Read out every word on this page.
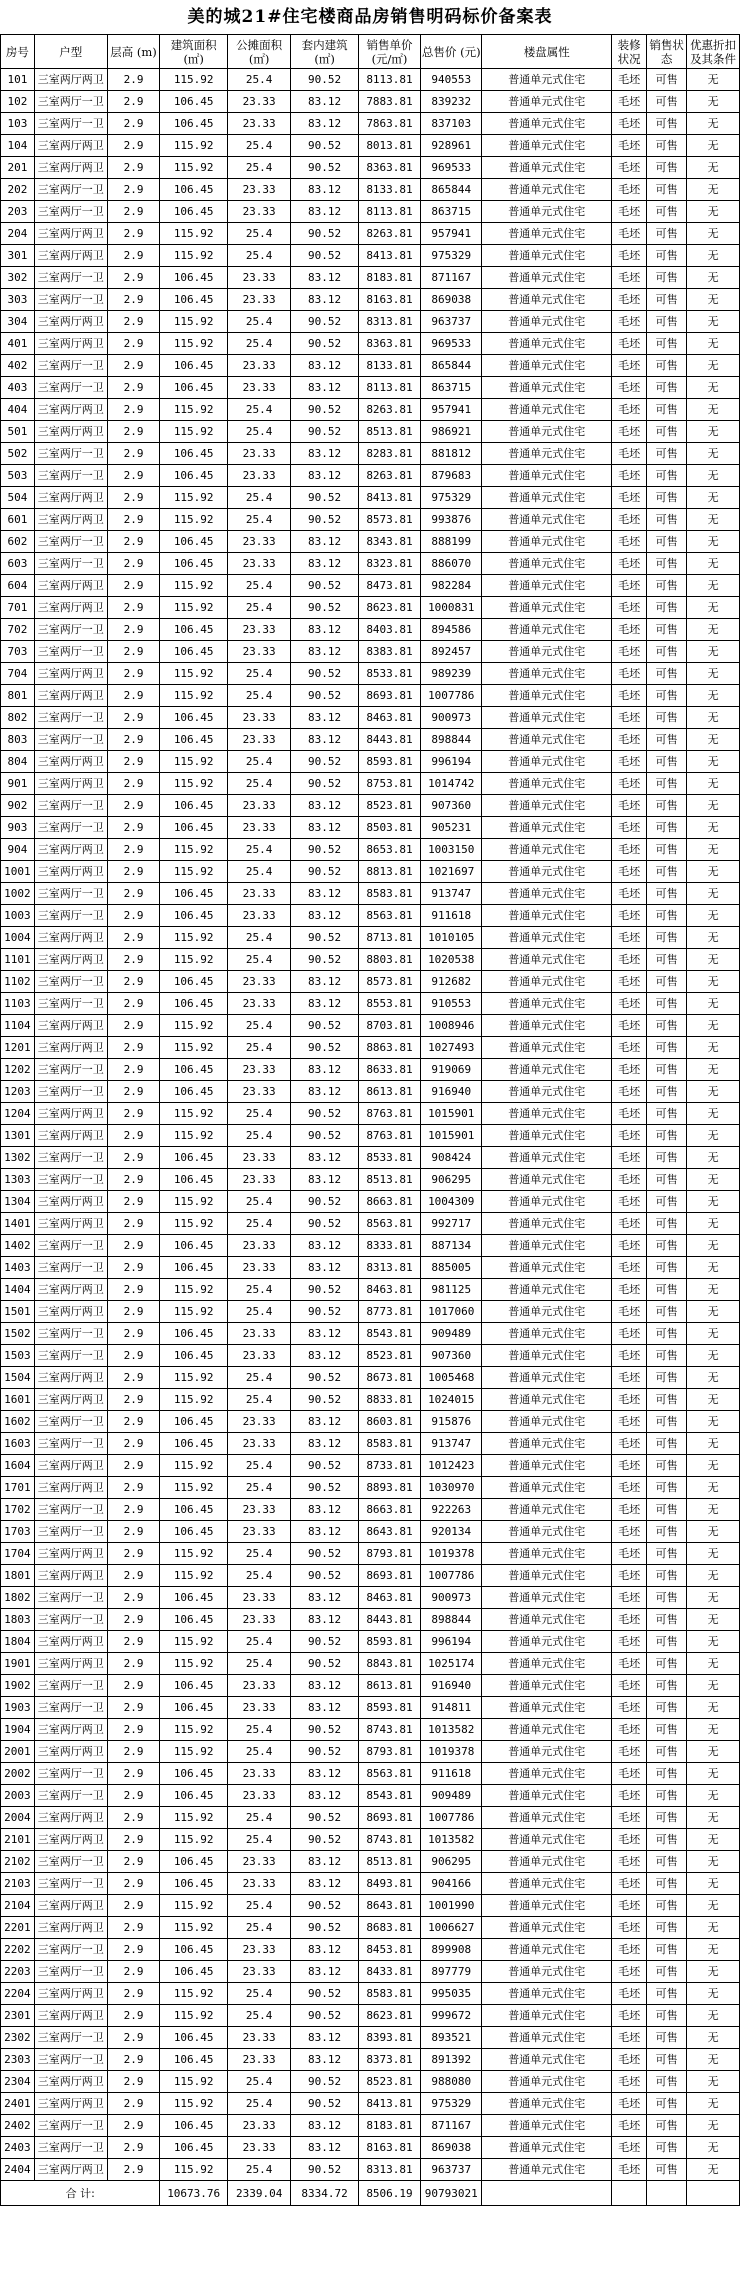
美的城21#住宅楼商品房销售明码标价备案表
房号	户型	层高 (m)	建筑面积 (㎡)	公摊面积 (㎡)	套内建筑 (㎡)	销售单价 (元/㎡)	总售价 (元)	楼盘属性	装修状况	销售状态	优惠折扣及其条件
101	三室两厅两卫	2.9	115.92	25.4	90.52	8113.81	940553	普通单元式住宅	毛坯	可售	无
102	三室两厅一卫	2.9	106.45	23.33	83.12	7883.81	839232	普通单元式住宅	毛坯	可售	无
103	三室两厅一卫	2.9	106.45	23.33	83.12	7863.81	837103	普通单元式住宅	毛坯	可售	无
104	三室两厅两卫	2.9	115.92	25.4	90.52	8013.81	928961	普通单元式住宅	毛坯	可售	无
201	三室两厅两卫	2.9	115.92	25.4	90.52	8363.81	969533	普通单元式住宅	毛坯	可售	无
202	三室两厅一卫	2.9	106.45	23.33	83.12	8133.81	865844	普通单元式住宅	毛坯	可售	无
203	三室两厅一卫	2.9	106.45	23.33	83.12	8113.81	863715	普通单元式住宅	毛坯	可售	无
204	三室两厅两卫	2.9	115.92	25.4	90.52	8263.81	957941	普通单元式住宅	毛坯	可售	无
301	三室两厅两卫	2.9	115.92	25.4	90.52	8413.81	975329	普通单元式住宅	毛坯	可售	无
302	三室两厅一卫	2.9	106.45	23.33	83.12	8183.81	871167	普通单元式住宅	毛坯	可售	无
303	三室两厅一卫	2.9	106.45	23.33	83.12	8163.81	869038	普通单元式住宅	毛坯	可售	无
304	三室两厅两卫	2.9	115.92	25.4	90.52	8313.81	963737	普通单元式住宅	毛坯	可售	无
401	三室两厅两卫	2.9	115.92	25.4	90.52	8363.81	969533	普通单元式住宅	毛坯	可售	无
402	三室两厅一卫	2.9	106.45	23.33	83.12	8133.81	865844	普通单元式住宅	毛坯	可售	无
403	三室两厅一卫	2.9	106.45	23.33	83.12	8113.81	863715	普通单元式住宅	毛坯	可售	无
404	三室两厅两卫	2.9	115.92	25.4	90.52	8263.81	957941	普通单元式住宅	毛坯	可售	无
501	三室两厅两卫	2.9	115.92	25.4	90.52	8513.81	986921	普通单元式住宅	毛坯	可售	无
502	三室两厅一卫	2.9	106.45	23.33	83.12	8283.81	881812	普通单元式住宅	毛坯	可售	无
503	三室两厅一卫	2.9	106.45	23.33	83.12	8263.81	879683	普通单元式住宅	毛坯	可售	无
504	三室两厅两卫	2.9	115.92	25.4	90.52	8413.81	975329	普通单元式住宅	毛坯	可售	无
601	三室两厅两卫	2.9	115.92	25.4	90.52	8573.81	993876	普通单元式住宅	毛坯	可售	无
602	三室两厅一卫	2.9	106.45	23.33	83.12	8343.81	888199	普通单元式住宅	毛坯	可售	无
603	三室两厅一卫	2.9	106.45	23.33	83.12	8323.81	886070	普通单元式住宅	毛坯	可售	无
604	三室两厅两卫	2.9	115.92	25.4	90.52	8473.81	982284	普通单元式住宅	毛坯	可售	无
701	三室两厅两卫	2.9	115.92	25.4	90.52	8623.81	1000831	普通单元式住宅	毛坯	可售	无
702	三室两厅一卫	2.9	106.45	23.33	83.12	8403.81	894586	普通单元式住宅	毛坯	可售	无
703	三室两厅一卫	2.9	106.45	23.33	83.12	8383.81	892457	普通单元式住宅	毛坯	可售	无
704	三室两厅两卫	2.9	115.92	25.4	90.52	8533.81	989239	普通单元式住宅	毛坯	可售	无
801	三室两厅两卫	2.9	115.92	25.4	90.52	8693.81	1007786	普通单元式住宅	毛坯	可售	无
802	三室两厅一卫	2.9	106.45	23.33	83.12	8463.81	900973	普通单元式住宅	毛坯	可售	无
803	三室两厅一卫	2.9	106.45	23.33	83.12	8443.81	898844	普通单元式住宅	毛坯	可售	无
804	三室两厅两卫	2.9	115.92	25.4	90.52	8593.81	996194	普通单元式住宅	毛坯	可售	无
901	三室两厅两卫	2.9	115.92	25.4	90.52	8753.81	1014742	普通单元式住宅	毛坯	可售	无
902	三室两厅一卫	2.9	106.45	23.33	83.12	8523.81	907360	普通单元式住宅	毛坯	可售	无
903	三室两厅一卫	2.9	106.45	23.33	83.12	8503.81	905231	普通单元式住宅	毛坯	可售	无
904	三室两厅两卫	2.9	115.92	25.4	90.52	8653.81	1003150	普通单元式住宅	毛坯	可售	无
1001	三室两厅两卫	2.9	115.92	25.4	90.52	8813.81	1021697	普通单元式住宅	毛坯	可售	无
1002	三室两厅一卫	2.9	106.45	23.33	83.12	8583.81	913747	普通单元式住宅	毛坯	可售	无
1003	三室两厅一卫	2.9	106.45	23.33	83.12	8563.81	911618	普通单元式住宅	毛坯	可售	无
1004	三室两厅两卫	2.9	115.92	25.4	90.52	8713.81	1010105	普通单元式住宅	毛坯	可售	无
1101	三室两厅两卫	2.9	115.92	25.4	90.52	8803.81	1020538	普通单元式住宅	毛坯	可售	无
1102	三室两厅一卫	2.9	106.45	23.33	83.12	8573.81	912682	普通单元式住宅	毛坯	可售	无
1103	三室两厅一卫	2.9	106.45	23.33	83.12	8553.81	910553	普通单元式住宅	毛坯	可售	无
1104	三室两厅两卫	2.9	115.92	25.4	90.52	8703.81	1008946	普通单元式住宅	毛坯	可售	无
1201	三室两厅两卫	2.9	115.92	25.4	90.52	8863.81	1027493	普通单元式住宅	毛坯	可售	无
1202	三室两厅一卫	2.9	106.45	23.33	83.12	8633.81	919069	普通单元式住宅	毛坯	可售	无
1203	三室两厅一卫	2.9	106.45	23.33	83.12	8613.81	916940	普通单元式住宅	毛坯	可售	无
1204	三室两厅两卫	2.9	115.92	25.4	90.52	8763.81	1015901	普通单元式住宅	毛坯	可售	无
1301	三室两厅两卫	2.9	115.92	25.4	90.52	8763.81	1015901	普通单元式住宅	毛坯	可售	无
1302	三室两厅一卫	2.9	106.45	23.33	83.12	8533.81	908424	普通单元式住宅	毛坯	可售	无
1303	三室两厅一卫	2.9	106.45	23.33	83.12	8513.81	906295	普通单元式住宅	毛坯	可售	无
1304	三室两厅两卫	2.9	115.92	25.4	90.52	8663.81	1004309	普通单元式住宅	毛坯	可售	无
1401	三室两厅两卫	2.9	115.92	25.4	90.52	8563.81	992717	普通单元式住宅	毛坯	可售	无
1402	三室两厅一卫	2.9	106.45	23.33	83.12	8333.81	887134	普通单元式住宅	毛坯	可售	无
1403	三室两厅一卫	2.9	106.45	23.33	83.12	8313.81	885005	普通单元式住宅	毛坯	可售	无
1404	三室两厅两卫	2.9	115.92	25.4	90.52	8463.81	981125	普通单元式住宅	毛坯	可售	无
1501	三室两厅两卫	2.9	115.92	25.4	90.52	8773.81	1017060	普通单元式住宅	毛坯	可售	无
1502	三室两厅一卫	2.9	106.45	23.33	83.12	8543.81	909489	普通单元式住宅	毛坯	可售	无
1503	三室两厅一卫	2.9	106.45	23.33	83.12	8523.81	907360	普通单元式住宅	毛坯	可售	无
1504	三室两厅两卫	2.9	115.92	25.4	90.52	8673.81	1005468	普通单元式住宅	毛坯	可售	无
1601	三室两厅两卫	2.9	115.92	25.4	90.52	8833.81	1024015	普通单元式住宅	毛坯	可售	无
1602	三室两厅一卫	2.9	106.45	23.33	83.12	8603.81	915876	普通单元式住宅	毛坯	可售	无
1603	三室两厅一卫	2.9	106.45	23.33	83.12	8583.81	913747	普通单元式住宅	毛坯	可售	无
1604	三室两厅两卫	2.9	115.92	25.4	90.52	8733.81	1012423	普通单元式住宅	毛坯	可售	无
1701	三室两厅两卫	2.9	115.92	25.4	90.52	8893.81	1030970	普通单元式住宅	毛坯	可售	无
1702	三室两厅一卫	2.9	106.45	23.33	83.12	8663.81	922263	普通单元式住宅	毛坯	可售	无
1703	三室两厅一卫	2.9	106.45	23.33	83.12	8643.81	920134	普通单元式住宅	毛坯	可售	无
1704	三室两厅两卫	2.9	115.92	25.4	90.52	8793.81	1019378	普通单元式住宅	毛坯	可售	无
1801	三室两厅两卫	2.9	115.92	25.4	90.52	8693.81	1007786	普通单元式住宅	毛坯	可售	无
1802	三室两厅一卫	2.9	106.45	23.33	83.12	8463.81	900973	普通单元式住宅	毛坯	可售	无
1803	三室两厅一卫	2.9	106.45	23.33	83.12	8443.81	898844	普通单元式住宅	毛坯	可售	无
1804	三室两厅两卫	2.9	115.92	25.4	90.52	8593.81	996194	普通单元式住宅	毛坯	可售	无
1901	三室两厅两卫	2.9	115.92	25.4	90.52	8843.81	1025174	普通单元式住宅	毛坯	可售	无
1902	三室两厅一卫	2.9	106.45	23.33	83.12	8613.81	916940	普通单元式住宅	毛坯	可售	无
1903	三室两厅一卫	2.9	106.45	23.33	83.12	8593.81	914811	普通单元式住宅	毛坯	可售	无
1904	三室两厅两卫	2.9	115.92	25.4	90.52	8743.81	1013582	普通单元式住宅	毛坯	可售	无
2001	三室两厅两卫	2.9	115.92	25.4	90.52	8793.81	1019378	普通单元式住宅	毛坯	可售	无
2002	三室两厅一卫	2.9	106.45	23.33	83.12	8563.81	911618	普通单元式住宅	毛坯	可售	无
2003	三室两厅一卫	2.9	106.45	23.33	83.12	8543.81	909489	普通单元式住宅	毛坯	可售	无
2004	三室两厅两卫	2.9	115.92	25.4	90.52	8693.81	1007786	普通单元式住宅	毛坯	可售	无
2101	三室两厅两卫	2.9	115.92	25.4	90.52	8743.81	1013582	普通单元式住宅	毛坯	可售	无
2102	三室两厅一卫	2.9	106.45	23.33	83.12	8513.81	906295	普通单元式住宅	毛坯	可售	无
2103	三室两厅一卫	2.9	106.45	23.33	83.12	8493.81	904166	普通单元式住宅	毛坯	可售	无
2104	三室两厅两卫	2.9	115.92	25.4	90.52	8643.81	1001990	普通单元式住宅	毛坯	可售	无
2201	三室两厅两卫	2.9	115.92	25.4	90.52	8683.81	1006627	普通单元式住宅	毛坯	可售	无
2202	三室两厅一卫	2.9	106.45	23.33	83.12	8453.81	899908	普通单元式住宅	毛坯	可售	无
2203	三室两厅一卫	2.9	106.45	23.33	83.12	8433.81	897779	普通单元式住宅	毛坯	可售	无
2204	三室两厅两卫	2.9	115.92	25.4	90.52	8583.81	995035	普通单元式住宅	毛坯	可售	无
2301	三室两厅两卫	2.9	115.92	25.4	90.52	8623.81	999672	普通单元式住宅	毛坯	可售	无
2302	三室两厅一卫	2.9	106.45	23.33	83.12	8393.81	893521	普通单元式住宅	毛坯	可售	无
2303	三室两厅一卫	2.9	106.45	23.33	83.12	8373.81	891392	普通单元式住宅	毛坯	可售	无
2304	三室两厅两卫	2.9	115.92	25.4	90.52	8523.81	988080	普通单元式住宅	毛坯	可售	无
2401	三室两厅两卫	2.9	115.92	25.4	90.52	8413.81	975329	普通单元式住宅	毛坯	可售	无
2402	三室两厅一卫	2.9	106.45	23.33	83.12	8183.81	871167	普通单元式住宅	毛坯	可售	无
2403	三室两厅一卫	2.9	106.45	23.33	83.12	8163.81	869038	普通单元式住宅	毛坯	可售	无
2404	三室两厅两卫	2.9	115.92	25.4	90.52	8313.81	963737	普通单元式住宅	毛坯	可售	无
合 计:			10673.76	2339.04	8334.72	8506.19	90793021				
